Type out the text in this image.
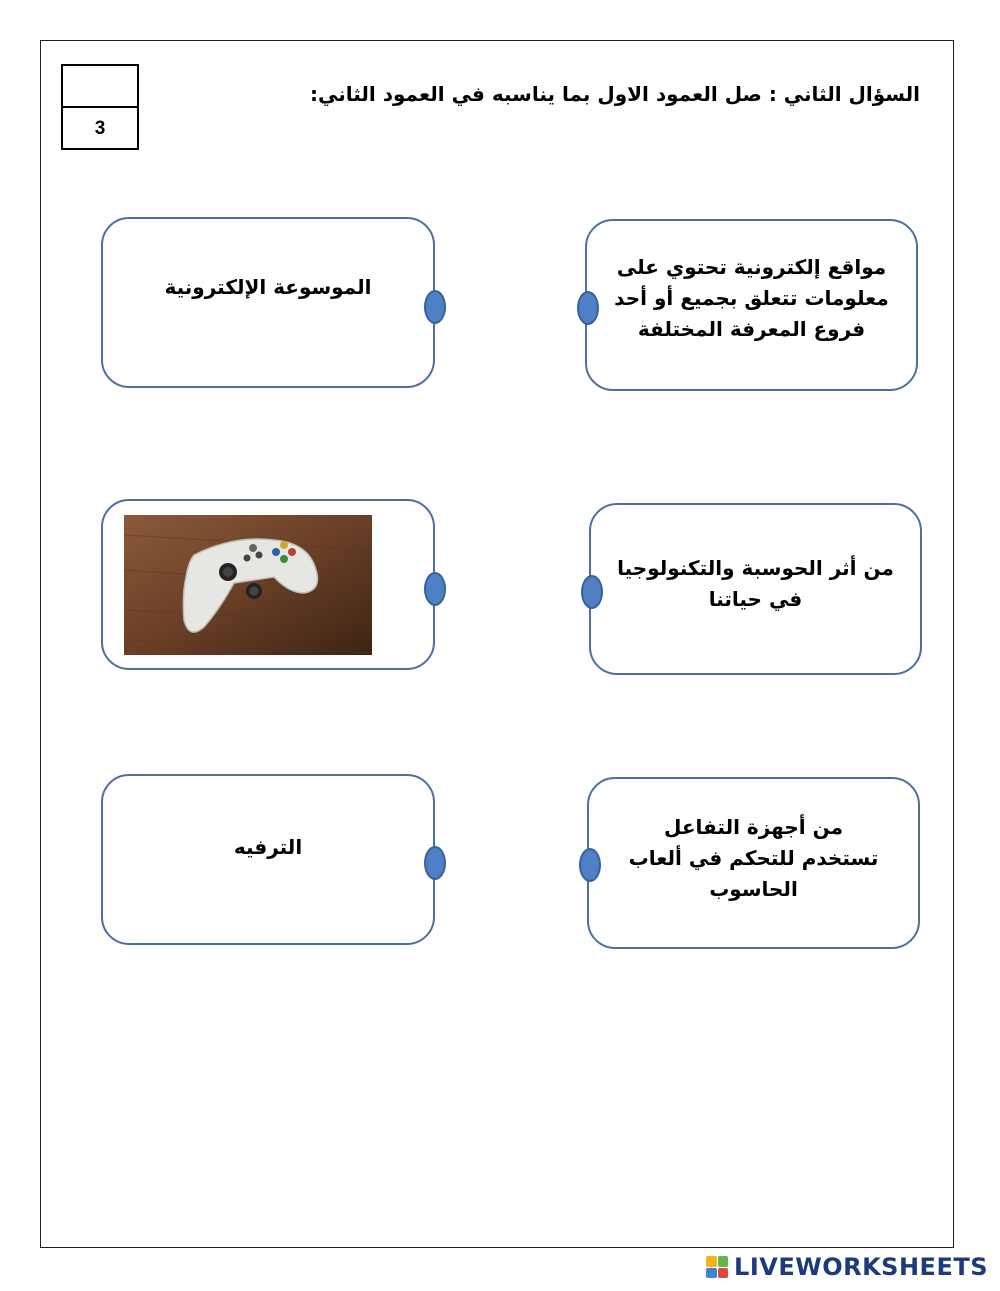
3
السؤال الثاني : صل العمود الاول بما يناسبه في العمود الثاني:
الموسوعة الإلكترونية
الترفيه
مواقع إلكترونية تحتوي على معلومات تتعلق بجميع أو أحد فروع المعرفة المختلفة
من أثر الحوسبة والتكنولوجيا في حياتنا
من أجهزة التفاعل تستخدم للتحكم في ألعاب الحاسوب
LIVEWORKSHEETS
